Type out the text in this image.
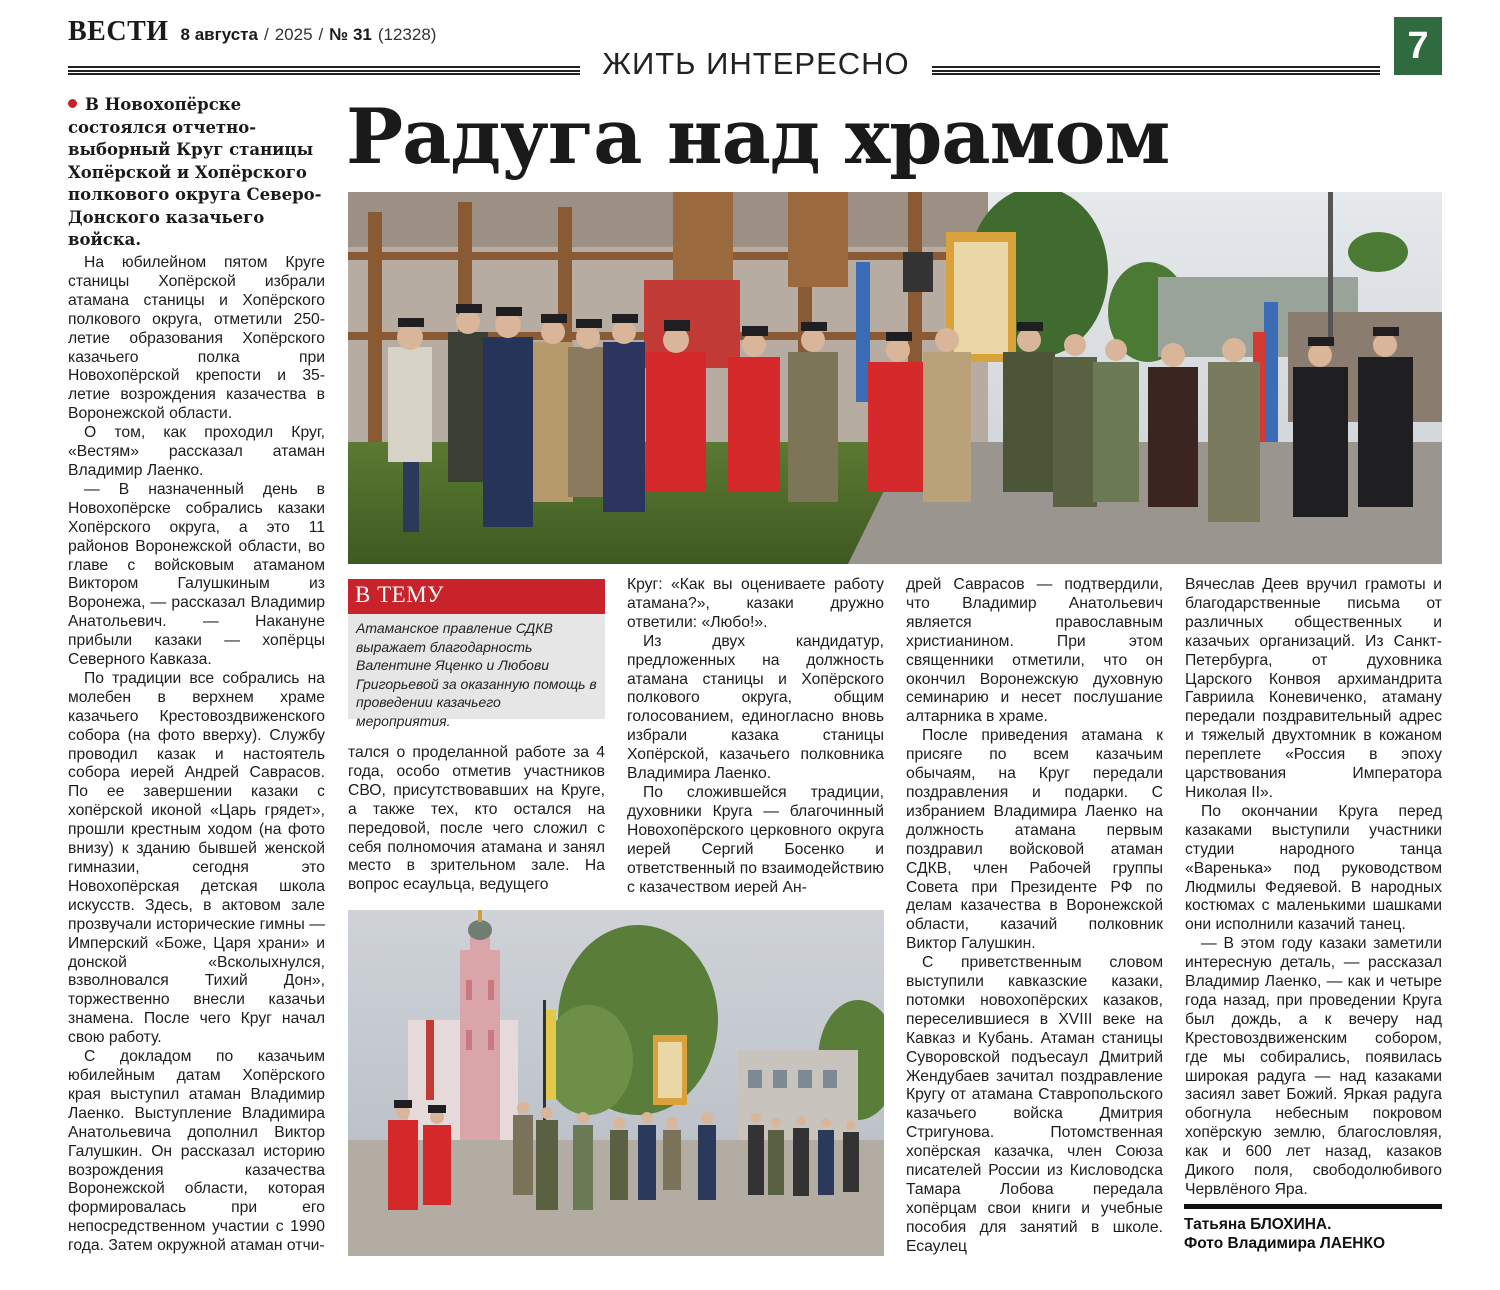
ВЕСТИ 8 августа / 2025 / № 31 (12328)	7
ЖИТЬ ИНТЕРЕСНО
Радуга над храмом
В Новохопёрске состоялся отчетно-выборный Круг станицы Хопёрской и Хопёрского полкового округа Северо-Донского казачьего войска.

На юбилейном пятом Круге станицы Хопёрской избрали атамана станицы и Хопёрского полкового округа, отметили 250-летие образования Хопёрского казачьего полка при Новохопёрской крепости и 35-летие возрождения казачества в Воронежской области.

О том, как проходил Круг, «Вестям» рассказал атаман Владимир Лаенко.

— В назначенный день в Новохопёрске собрались казаки Хопёрского округа, а это 11 районов Воронежской области, во главе с войсковым атаманом Виктором Галушкиным из Воронежа, — рассказал Владимир Анатольевич. — Накануне прибыли казаки — хопёрцы Северного Кавказа.

По традиции все собрались на молебен в верхнем храме казачьего Крестовоздвиженского собора (на фото вверху). Службу проводил казак и настоятель собора иерей Андрей Саврасов. По ее завершении казаки с хопёрской иконой «Царь грядет», прошли крестным ходом (на фото внизу) к зданию бывшей женской гимназии, сегодня это Новохопёрская детская школа искусств. Здесь, в актовом зале прозвучали исторические гимны — Имперский «Боже, Царя храни» и донской «Всколыхнулся, взволновался Тихий Дон», торжественно внесли казачьи знамена. После чего Круг начал свою работу.

С докладом по казачьим юбилейным датам Хопёрского края выступил атаман Владимир Лаенко. Выступление Владимира Анатольевича дополнил Виктор Галушкин. Он рассказал историю возрождения казачества Воронежской области, которая формировалась при его непосредственном участии с 1990 года. Затем окружной атаман отчи-

В ТЕМУ
Атаманское правление СДКВ выражает благодарность Валентине Яценко и Любови Григорьевой за оказанную помощь в проведении казачьего мероприятия.

тался о проделанной работе за 4 года, особо отметив участников СВО, присутствовавших на Круге, а также тех, кто остался на передовой, после чего сложил с себя полномочия атамана и занял место в зрительном зале. На вопрос есаульца, ведущего

Круг: «Как вы оцениваете работу атамана?», казаки дружно ответили: «Любо!».

Из двух кандидатур, предложенных на должность атамана станицы и Хопёрского полкового округа, общим голосованием, единогласно вновь избрали казака станицы Хопёрской, казачьего полковника Владимира Лаенко.

По сложившейся традиции, духовники Круга — благочинный Новохопёрского церковного округа иерей Сергий Босенко и ответственный по взаимодействию с казачеством иерей Ан-

дрей Саврасов — подтвердили, что Владимир Анатольевич является православным христианином. При этом священники отметили, что он окончил Воронежскую духовную семинарию и несет послушание алтарника в храме.

После приведения атамана к присяге по всем казачьим обычаям, на Круг передали поздравления и подарки. С избранием Владимира Лаенко на должность атамана первым поздравил войсковой атаман СДКВ, член Рабочей группы Совета при Президенте РФ по делам казачества в Воронежской области, казачий полковник Виктор Галушкин.

С приветственным словом выступили кавказские казаки, потомки новохопёрских казаков, переселившиеся в XVIII веке на Кавказ и Кубань. Атаман станицы Суворовской подъесаул Дмитрий Жендубаев зачитал поздравление Кругу от атамана Ставропольского казачьего войска Дмитрия Стригунова. Потомственная хопёрская казачка, член Союза писателей России из Кисловодска Тамара Лобова передала хопёрцам свои книги и учебные пособия для занятий в школе. Есаулец

Вячеслав Деев вручил грамоты и благодарственные письма от различных общественных и казачьих организаций. Из Санкт-Петербурга, от духовника Царского Конвоя архимандрита Гавриила Коневиченко, атаману передали поздравительный адрес и тяжелый двухтомник в кожаном переплете «Россия в эпоху царствования Императора Николая II».

По окончании Круга перед казаками выступили участники студии народного танца «Варенька» под руководством Людмилы Федяевой. В народных костюмах с маленькими шашками они исполнили казачий танец.

— В этом году казаки заметили интересную деталь, — рассказал Владимир Лаенко, — как и четыре года назад, при проведении Круга был дождь, а к вечеру над Крестовоздвиженским собором, где мы собирались, появилась широкая радуга — над казаками засиял завет Божий. Яркая радуга обогнула небесным покровом хопёрскую землю, благословляя, как и 600 лет назад, казаков Дикого поля, свободолюбивого Червлёного Яра.

Татьяна БЛОХИНА.
Фото Владимира ЛАЕНКО
